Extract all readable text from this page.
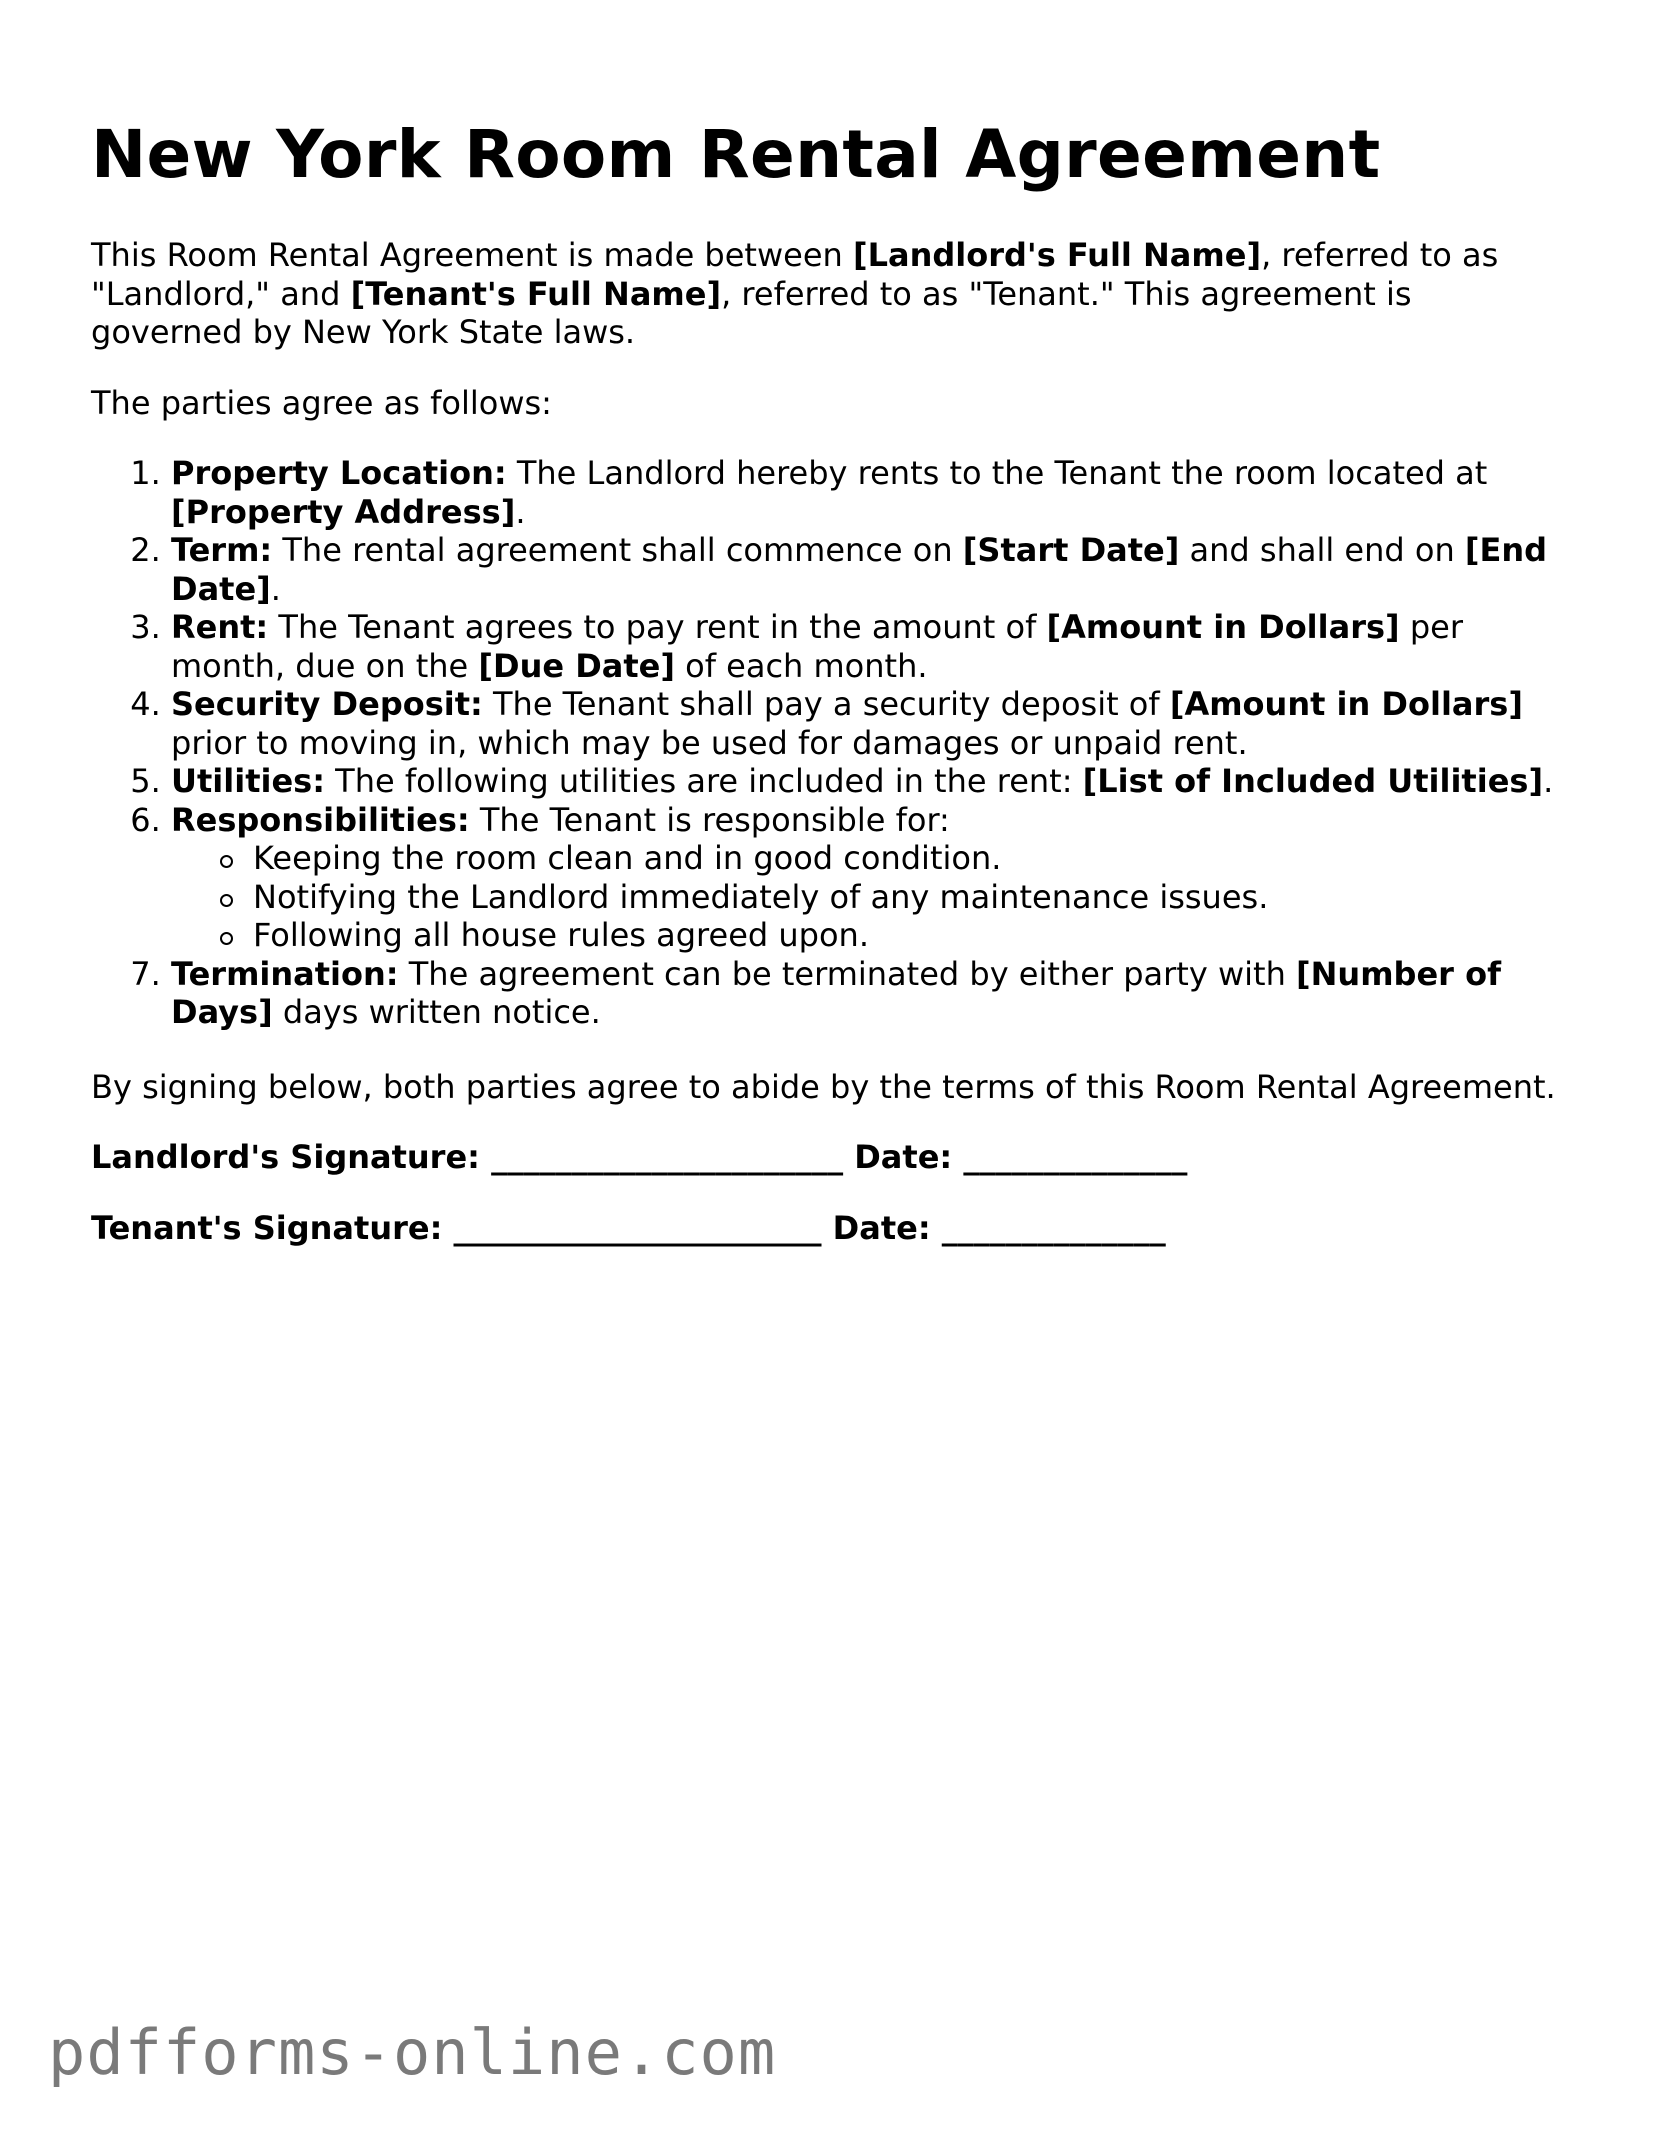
New York Room Rental Agreement

This Room Rental Agreement is made between [Landlord's Full Name], referred to as "Landlord," and [Tenant's Full Name], referred to as "Tenant." This agreement is governed by New York State laws.

The parties agree as follows:

1. Property Location: The Landlord hereby rents to the Tenant the room located at [Property Address].
2. Term: The rental agreement shall commence on [Start Date] and shall end on [End Date].
3. Rent: The Tenant agrees to pay rent in the amount of [Amount in Dollars] per month, due on the [Due Date] of each month.
4. Security Deposit: The Tenant shall pay a security deposit of [Amount in Dollars] prior to moving in, which may be used for damages or unpaid rent.
5. Utilities: The following utilities are included in the rent: [List of Included Utilities].
6. Responsibilities: The Tenant is responsible for:
Keeping the room clean and in good condition.
Notifying the Landlord immediately of any maintenance issues.
Following all house rules agreed upon.
7. Termination: The agreement can be terminated by either party with [Number of Days] days written notice.

By signing below, both parties agree to abide by the terms of this Room Rental Agreement.

Landlord's Signature: ______________________ Date: ______________
Tenant's Signature: _______________________ Date: ______________
pdfforms-online.com
